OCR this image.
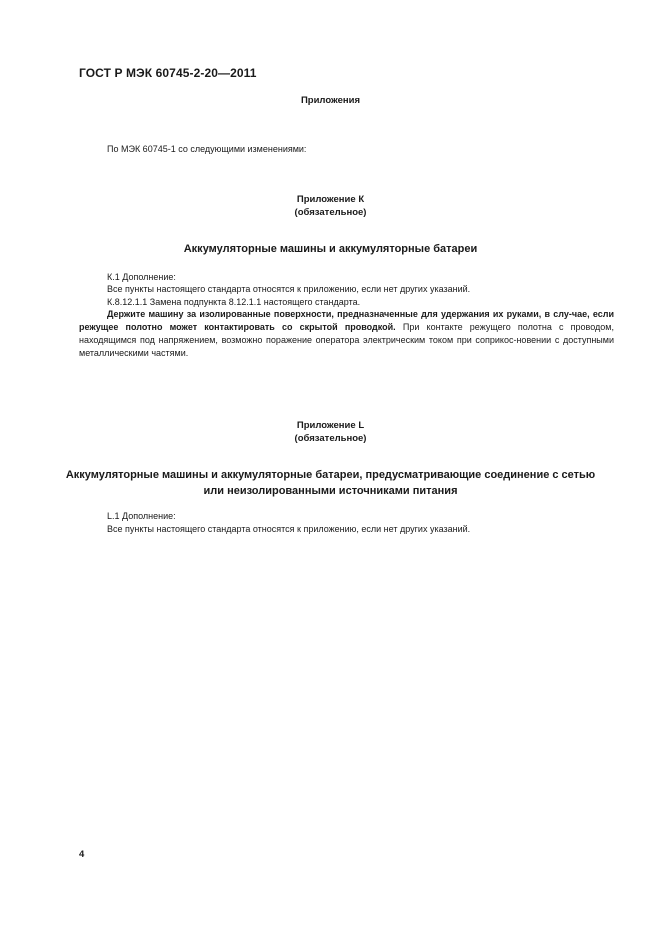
ГОСТ Р МЭК 60745-2-20—2011
Приложения
По МЭК 60745-1 со следующими изменениями:
Приложение К
(обязательное)
Аккумуляторные машины и аккумуляторные батареи
К.1 Дополнение:
Все пункты настоящего стандарта относятся к приложению, если нет других указаний.
К.8.12.1.1 Замена подпункта 8.12.1.1 настоящего стандарта.
Держите машину за изолированные поверхности, предназначенные для удержания их руками, в слу-чае, если режущее полотно может контактировать со скрытой проводкой. При контакте режущего полотна с проводом, находящимся под напряжением, возможно поражение оператора электрическим током при соприкос-новении с доступными металлическими частями.
Приложение L
(обязательное)
Аккумуляторные машины и аккумуляторные батареи, предусматривающие соединение с сетью
или неизолированными источниками питания
L.1 Дополнение:
Все пункты настоящего стандарта относятся к приложению, если нет других указаний.
4
